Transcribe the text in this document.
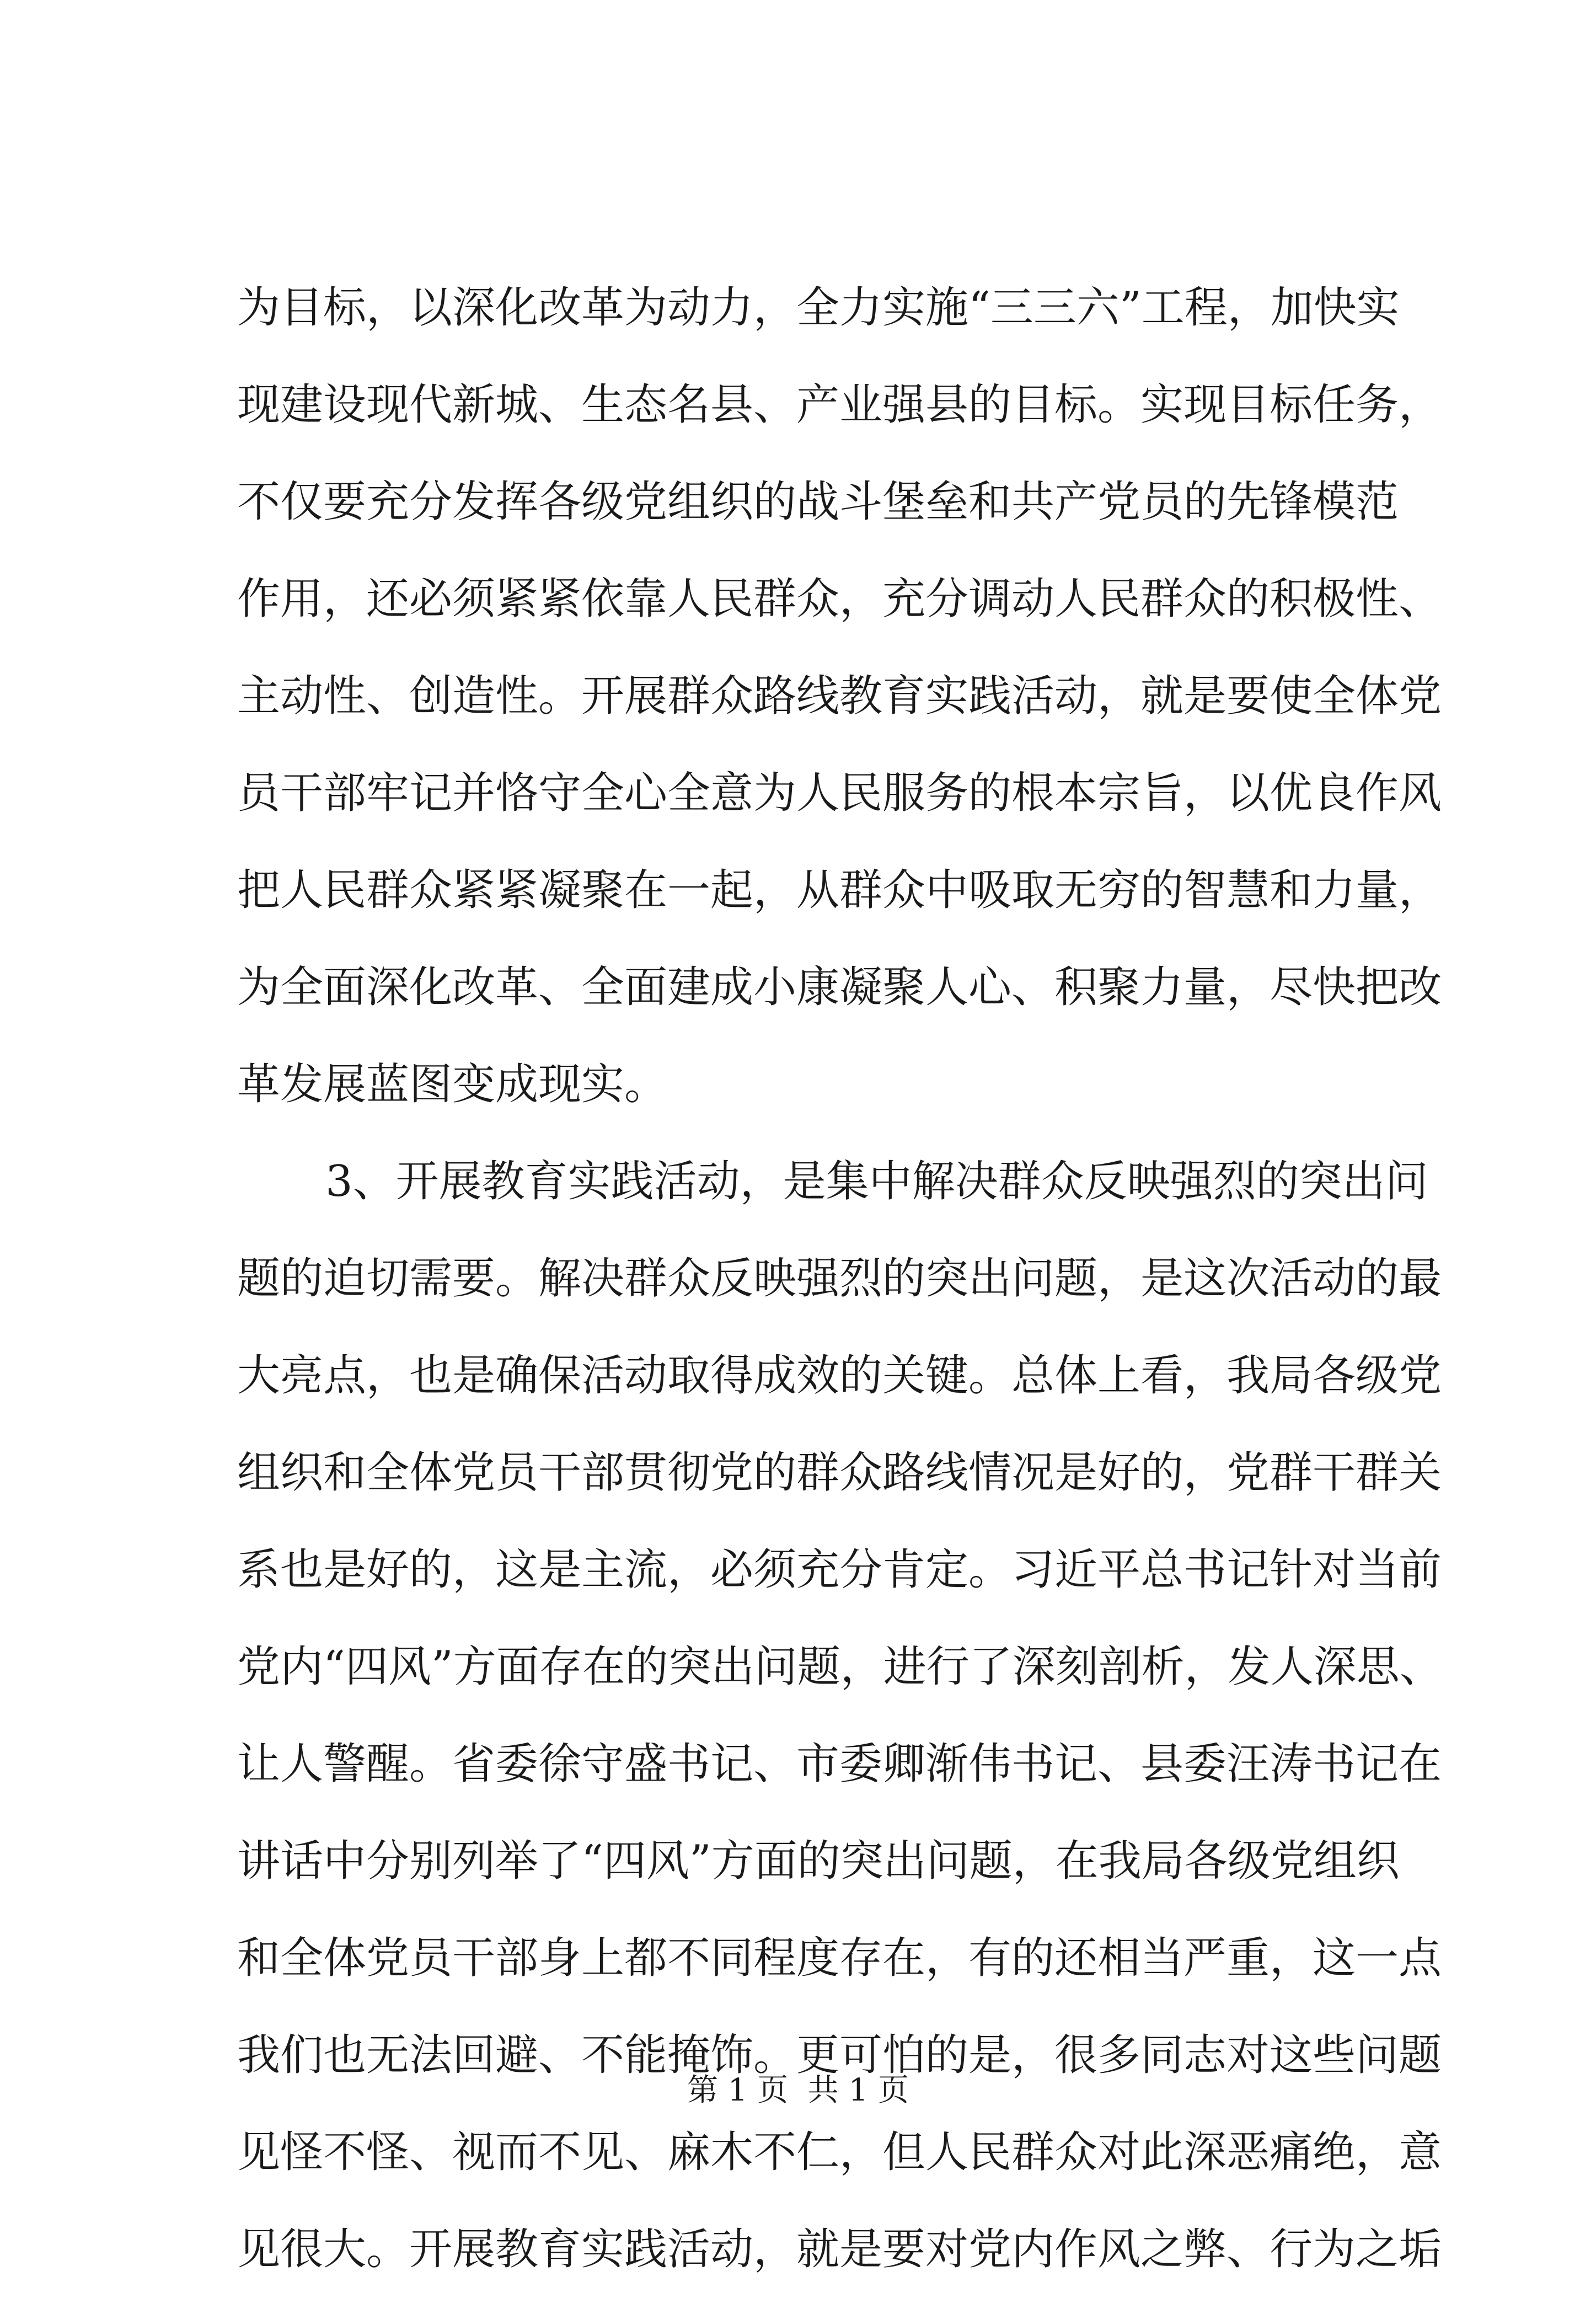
为目标，以深化改革为动力，全力实施“三三六”工程，加快实
现建设现代新城、生态名县、产业强县的目标。实现目标任务，
不仅要充分发挥各级党组织的战斗堡垒和共产党员的先锋模范
作用，还必须紧紧依靠人民群众，充分调动人民群众的积极性、
主动性、创造性。开展群众路线教育实践活动，就是要使全体党
员干部牢记并恪守全心全意为人民服务的根本宗旨，以优良作风
把人民群众紧紧凝聚在一起，从群众中吸取无穷的智慧和力量，
为全面深化改革、全面建成小康凝聚人心、积聚力量，尽快把改
革发展蓝图变成现实。
3、开展教育实践活动，是集中解决群众反映强烈的突出问
题的迫切需要。解决群众反映强烈的突出问题，是这次活动的最
大亮点，也是确保活动取得成效的关键。总体上看，我局各级党
组织和全体党员干部贯彻党的群众路线情况是好的，党群干群关
系也是好的，这是主流，必须充分肯定。习近平总书记针对当前
党内“四风”方面存在的突出问题，进行了深刻剖析，发人深思、
让人警醒。省委徐守盛书记、市委卿渐伟书记、县委汪涛书记在
讲话中分别列举了“四风”方面的突出问题，在我局各级党组织
和全体党员干部身上都不同程度存在，有的还相当严重，这一点
我们也无法回避、不能掩饰。更可怕的是，很多同志对这些问题
见怪不怪、视而不见、麻木不仁，但人民群众对此深恶痛绝，意
见很大。开展教育实践活动，就是要对党内作风之弊、行为之垢
第 1 页  共 1 页
